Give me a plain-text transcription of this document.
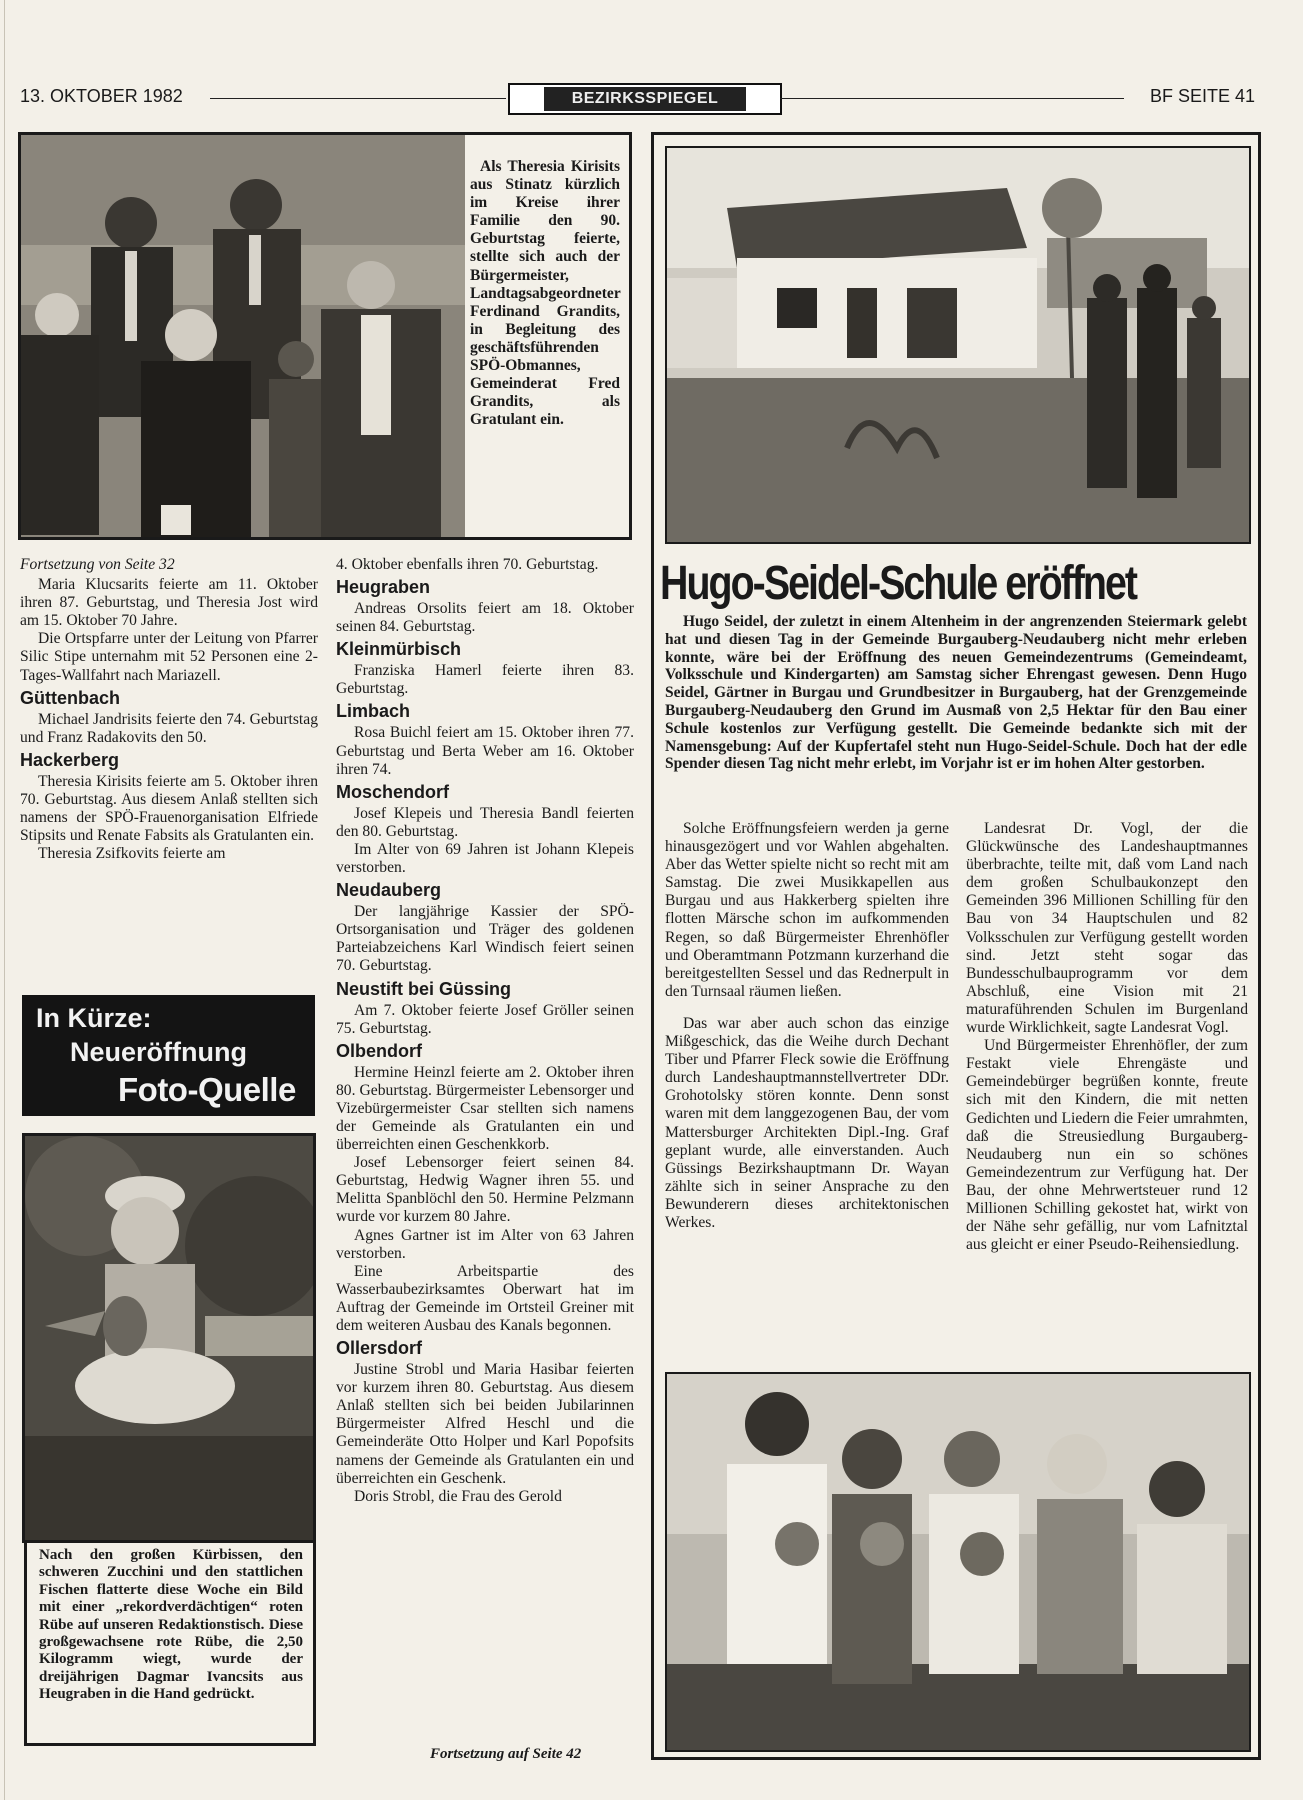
13. OKTOBER 1982	BEZIRKSSPIEGEL	BF SEITE 41

Als Theresia Kirisits aus Stinatz kürzlich im Kreise ihrer Familie den 90. Geburtstag feierte, stellte sich auch der Bürgermeister, Landtagsabgeordneter Ferdinand Grandits, in Begleitung des geschäftsführenden SPÖ-Obmannes, Gemeinderat Fred Grandits, als Gratulant ein.

Fortsetzung von Seite 32

Maria Klucsarits feierte am 11. Oktober ihren 87. Geburtstag, und Theresia Jost wird am 15. Oktober 70 Jahre.

Die Ortspfarre unter der Leitung von Pfarrer Silic Stipe unternahm mit 52 Personen eine 2-Tages-Wallfahrt nach Mariazell.

Güttenbach

Michael Jandrisits feierte den 74. Geburtstag und Franz Radakovits den 50.

Hackerberg

Theresia Kirisits feierte am 5. Oktober ihren 70. Geburtstag. Aus diesem Anlaß stellten sich namens der SPÖ-Frauenorganisation Elfriede Stipsits und Renate Fabsits als Gratulanten ein.

Theresia Zsifkovits feierte am

In Kürze:
Neueröffnung
Foto-Quelle

Nach den großen Kürbissen, den schweren Zucchini und den stattlichen Fischen flatterte diese Woche ein Bild mit einer „rekordverdächtigen“ roten Rübe auf unseren Redaktionstisch. Diese großgewachsene rote Rübe, die 2,50 Kilogramm wiegt, wurde der dreijährigen Dagmar Ivancsits aus Heugraben in die Hand gedrückt.

4. Oktober ebenfalls ihren 70. Geburtstag.

Heugraben

Andreas Orsolits feiert am 18. Oktober seinen 84. Geburtstag.

Kleinmürbisch

Franziska Hamerl feierte ihren 83. Geburtstag.

Limbach

Rosa Buichl feiert am 15. Oktober ihren 77. Geburtstag und Berta Weber am 16. Oktober ihren 74.

Moschendorf

Josef Klepeis und Theresia Bandl feierten den 80. Geburtstag.

Im Alter von 69 Jahren ist Johann Klepeis verstorben.

Neudauberg

Der langjährige Kassier der SPÖ-Ortsorganisation und Träger des goldenen Parteiabzeichens Karl Windisch feiert seinen 70. Geburtstag.

Neustift bei Güssing

Am 7. Oktober feierte Josef Gröller seinen 75. Geburtstag.

Olbendorf

Hermine Heinzl feierte am 2. Oktober ihren 80. Geburtstag. Bürgermeister Lebensorger und Vizebürgermeister Csar stellten sich namens der Gemeinde als Gratulanten ein und überreichten einen Geschenkkorb.

Josef Lebensorger feiert seinen 84. Geburtstag, Hedwig Wagner ihren 55. und Melitta Spanblöchl den 50. Hermine Pelzmann wurde vor kurzem 80 Jahre.

Agnes Gartner ist im Alter von 63 Jahren verstorben.

Eine Arbeitspartie des Wasserbaubezirksamtes Oberwart hat im Auftrag der Gemeinde im Ortsteil Greiner mit dem weiteren Ausbau des Kanals begonnen.

Ollersdorf

Justine Strobl und Maria Hasibar feierten vor kurzem ihren 80. Geburtstag. Aus diesem Anlaß stellten sich bei beiden Jubilarinnen Bürgermeister Alfred Heschl und die Gemeinderäte Otto Holper und Karl Popofsits namens der Gemeinde als Gratulanten ein und überreichten ein Geschenk.

Doris Strobl, die Frau des Gerold

Fortsetzung auf Seite 42
Hugo-Seidel-Schule eröffnet

Hugo Seidel, der zuletzt in einem Altenheim in der angrenzenden Steiermark gelebt hat und diesen Tag in der Gemeinde Burgauberg-Neudauberg nicht mehr erleben konnte, wäre bei der Eröffnung des neuen Gemeindezentrums (Gemeindeamt, Volksschule und Kindergarten) am Samstag sicher Ehrengast gewesen. Denn Hugo Seidel, Gärtner in Burgau und Grundbesitzer in Burgauberg, hat der Grenzgemeinde Burgauberg-Neudauberg den Grund im Ausmaß von 2,5 Hektar für den Bau einer Schule kostenlos zur Verfügung gestellt. Die Gemeinde bedankte sich mit der Namensgebung: Auf der Kupfertafel steht nun Hugo-Seidel-Schule. Doch hat der edle Spender diesen Tag nicht mehr erlebt, im Vorjahr ist er im hohen Alter gestorben.

Solche Eröffnungsfeiern werden ja gerne hinausgezögert und vor Wahlen abgehalten. Aber das Wetter spielte nicht so recht mit am Samstag. Die zwei Musikkapellen aus Burgau und aus Hakkerberg spielten ihre flotten Märsche schon im aufkommenden Regen, so daß Bürgermeister Ehrenhöfler und Oberamtmann Potzmann kurzerhand die bereitgestellten Sessel und das Rednerpult in den Turnsaal räumen ließen.

Das war aber auch schon das einzige Mißgeschick, das die Weihe durch Dechant Tiber und Pfarrer Fleck sowie die Eröffnung durch Landeshauptmannstellvertreter DDr. Grohotolsky stören konnte. Denn sonst waren mit dem langgezogenen Bau, der vom Mattersburger Architekten Dipl.-Ing. Graf geplant wurde, alle einverstanden. Auch Güssings Bezirkshauptmann Dr. Wayan zählte sich in seiner Ansprache zu den Bewunderern dieses architektonischen Werkes.

Landesrat Dr. Vogl, der die Glückwünsche des Landeshauptmannes überbrachte, teilte mit, daß vom Land nach dem großen Schulbaukonzept den Gemeinden 396 Millionen Schilling für den Bau von 34 Hauptschulen und 82 Volksschulen zur Verfügung gestellt worden sind. Jetzt steht sogar das Bundesschulbauprogramm vor dem Abschluß, eine Vision mit 21 maturaführenden Schulen im Burgenland wurde Wirklichkeit, sagte Landesrat Vogl.

Und Bürgermeister Ehrenhöfler, der zum Festakt viele Ehrengäste und Gemeindebürger begrüßen konnte, freute sich mit den Kindern, die mit netten Gedichten und Liedern die Feier umrahmten, daß die Streusiedlung Burgauberg-Neudauberg nun ein so schönes Gemeindezentrum zur Verfügung hat. Der Bau, der ohne Mehrwertsteuer rund 12 Millionen Schilling gekostet hat, wirkt von der Nähe sehr gefällig, nur vom Lafnitztal aus gleicht er einer Pseudo-Reihensiedlung.
